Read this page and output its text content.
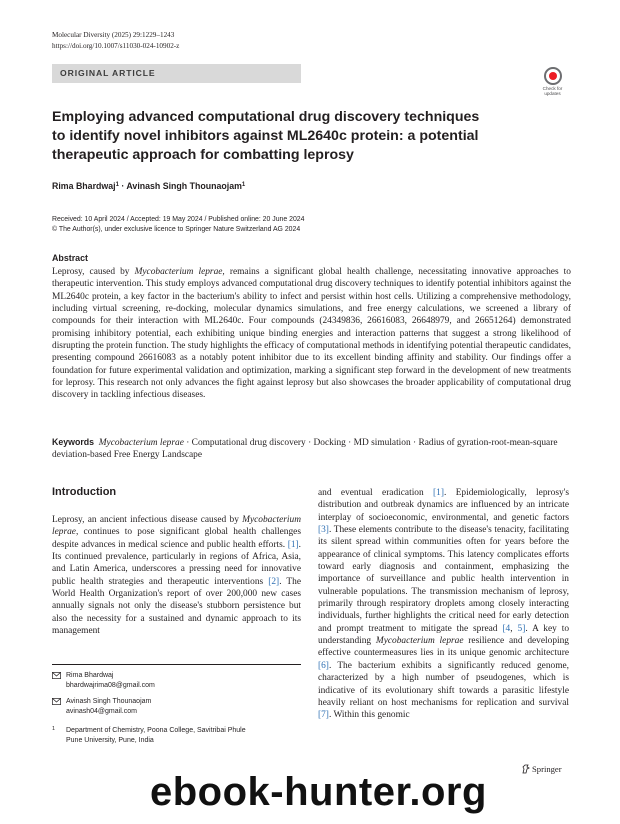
Molecular Diversity (2025) 29:1229–1243
https://doi.org/10.1007/s11030-024-10902-z
ORIGINAL ARTICLE
Check for
updates
Employing advanced computational drug discovery techniques
to identify novel inhibitors against ML2640c protein: a potential
therapeutic approach for combatting leprosy
Rima Bhardwaj$^1$ · Avinash Singh Thounaojam$^1$
Received: 10 April 2024 / Accepted: 19 May 2024 / Published online: 20 June 2024
© The Author(s), under exclusive licence to Springer Nature Switzerland AG 2024
Abstract

Leprosy, caused by Mycobacterium leprae, remains a significant global health challenge, necessitating innovative approaches to therapeutic intervention. This study employs advanced computational drug discovery techniques to identify potential inhibitors against the ML2640c protein, a key factor in the bacterium's ability to infect and persist within host cells. Utilizing a comprehensive methodology, including virtual screening, re-docking, molecular dynamics simulations, and free energy calculations, we screened a library of compounds for their interaction with ML2640c. Four compounds (24349836, 26616083, 26648979, and 26651264) demonstrated promising inhibitory potential, each exhibiting unique binding energies and interaction patterns that suggest a strong likelihood of disrupting the protein function. The study highlights the efficacy of computational methods in identifying potential therapeutic candidates, presenting compound 26616083 as a notably potent inhibitor due to its excellent binding affinity and stability. Our findings offer a foundation for future experimental validation and optimization, marking a significant step forward in the development of new treatments for leprosy. This research not only advances the fight against leprosy but also showcases the broader applicability of computational drug discovery in tackling infectious diseases.

Keywords Mycobacterium leprae · Computational drug discovery · Docking · MD simulation · Radius of gyration-root-mean-square deviation-based Free Energy Landscape

Introduction

Leprosy, an ancient infectious disease caused by Mycobacterium leprae, continues to pose significant global health challenges despite advances in medical science and public health efforts. [1]. Its continued prevalence, particularly in regions of Africa, Asia, and Latin America, underscores a pressing need for innovative public health strategies and therapeutic interventions [2]. The World Health Organization's report of over 200,000 new cases annually signals not only the disease's stubborn persistence but also the necessity for a sustained and dynamic approach to its management

and eventual eradication [1]. Epidemiologically, leprosy's distribution and outbreak dynamics are influenced by an intricate interplay of socioeconomic, environmental, and genetic factors [3]. These elements contribute to the disease's tenacity, facilitating its silent spread within communities often for years before the appearance of clinical symptoms. This latency complicates efforts toward early diagnosis and containment, emphasizing the importance of surveillance and public health intervention in vulnerable populations. The transmission mechanism of leprosy, primarily through respiratory droplets among closely interacting individuals, further highlights the critical need for early detection and prompt treatment to mitigate the spread [4, 5]. A key to understanding Mycobacterium leprae resilience and developing effective countermeasures lies in its unique genomic architecture [6]. The bacterium exhibits a significantly reduced genome, characterized by a high number of pseudogenes, which is indicative of its evolutionary shift towards a parasitic lifestyle heavily reliant on host mechanisms for replication and survival [7]. Within this genomic

Rima Bhardwaj
bhardwajrima08@gmail.com
Avinash Singh Thounaojam
avinash04@gmail.com
1 Department of Chemistry, Poona College, Savitribai Phule
Pune University, Pune, India
Springer
ebook-hunter.org
